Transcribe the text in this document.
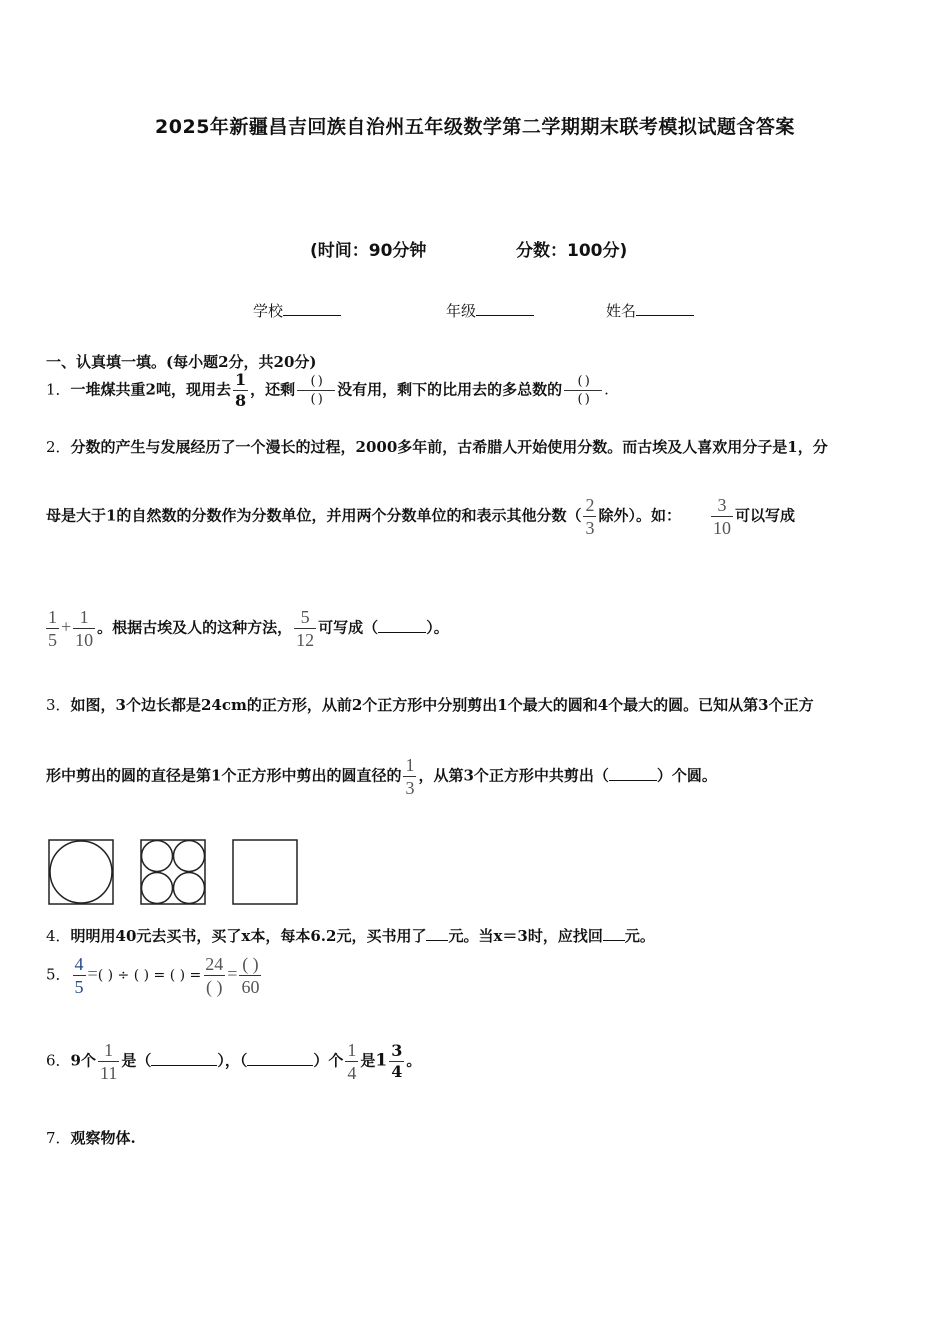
2025年新疆昌吉回族自治州五年级数学第二学期期末联考模拟试题含答案
(时间：90分钟	分数：100分)
学校	年级	姓名
一、认真填一填。(每小题2分，共20分)
1．一堆煤共重2吨，现用去 $\frac{1}{8}$ ，还剩 $\frac{( )}{( )}$ 没有用，剩下的比用去的多总数的 $\frac{( )}{( )}$ .
2．分数的产生与发展经历了一个漫长的过程，2000多年前，古希腊人开始使用分数。而古埃及人喜欢用分子是1，分
母是大于1的自然数的分数作为分数单位，并用两个分数单位的和表示其他分数（ $\frac{2}{3}$ 除外）。如： $\frac{3}{10}$ 可以写成
$\frac{1}{5} + \frac{1}{10}$ 。根据古埃及人的这种方法， $\frac{5}{12}$ 可写成（	）。
3．如图，3个边长都是24cm的正方形，从前2个正方形中分别剪出1个最大的圆和4个最大的圆。已知从第3个正方
形中剪出的圆的直径是第1个正方形中剪出的圆直径的 $\frac{1}{3}$ ，从第3个正方形中共剪出（	）个圆。
4．明明用40元去买书，买了x本，每本6.2元，买书用了 元。当x＝3时，应找回 元。
5． $\frac{4}{5}$ =( ) ÷ ( ) = ( ) = $\frac{24}{( )} = \frac{( )}{60}$
6．9个 $\frac{1}{11}$ 是（	），（	）个 $\frac{1}{4}$ 是$1 \frac{3}{4}$ 。
7．观察物体.
